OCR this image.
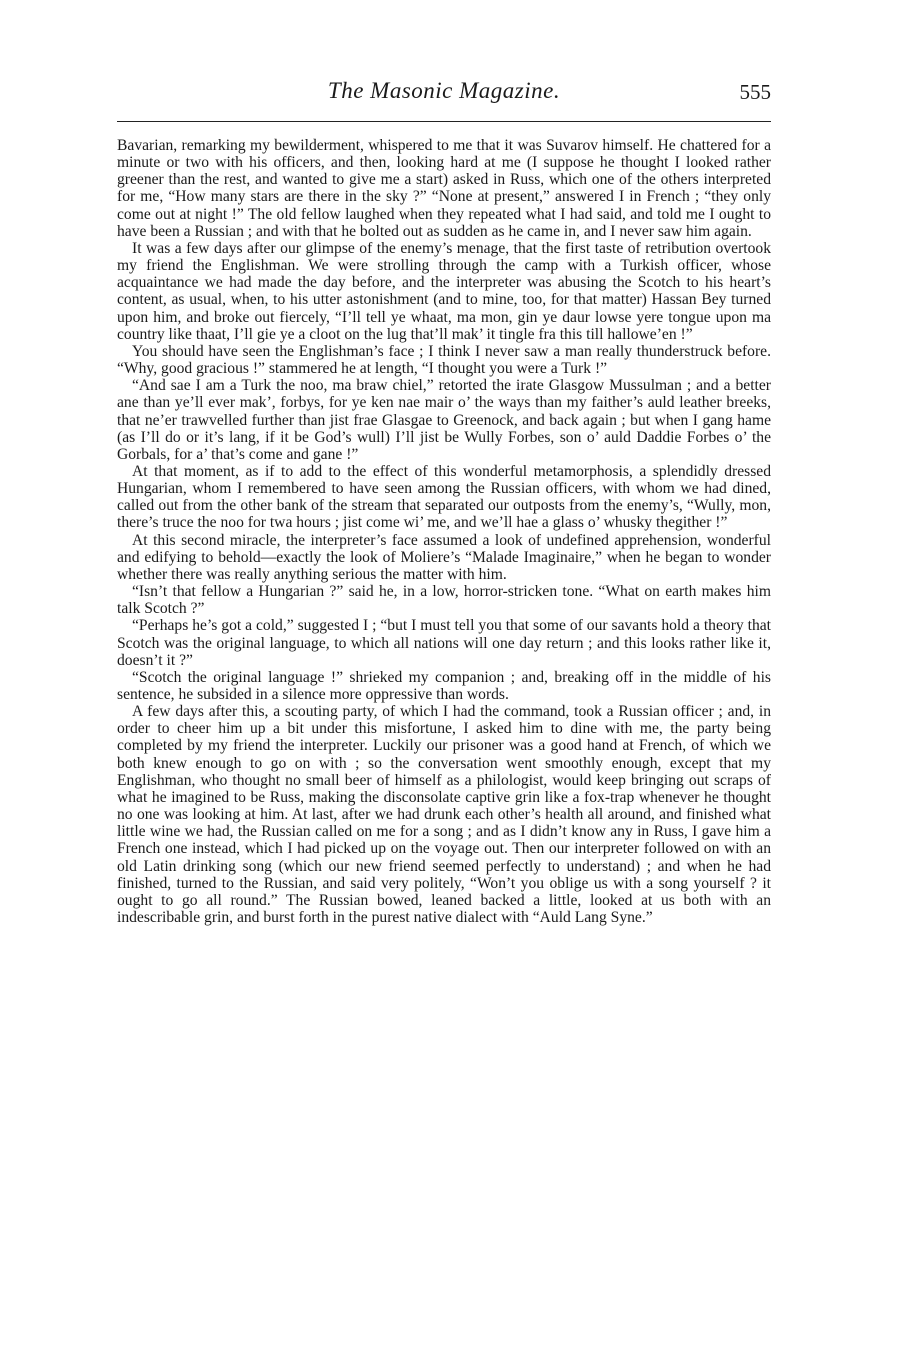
The Masonic Magazine.	555

Bavarian, remarking my bewilderment, whispered to me that it was Suvarov himself. He chattered for a minute or two with his officers, and then, looking hard at me (I suppose he thought I looked rather greener than the rest, and wanted to give me a start) asked in Russ, which one of the others interpreted for me, “How many stars are there in the sky ?” “None at present,” answered I in French ; “they only come out at night !” The old fellow laughed when they repeated what I had said, and told me I ought to have been a Russian ; and with that he bolted out as sudden as he came in, and I never saw him again.

It was a few days after our glimpse of the enemy’s menage, that the first taste of retribution overtook my friend the Englishman. We were strolling through the camp with a Turkish officer, whose acquaintance we had made the day before, and the interpreter was abusing the Scotch to his heart’s content, as usual, when, to his utter astonishment (and to mine, too, for that matter) Hassan Bey turned upon him, and broke out fiercely, “I’ll tell ye whaat, ma mon, gin ye daur lowse yere tongue upon ma country like thaat, I’ll gie ye a cloot on the lug that’ll mak’ it tingle fra this till hallowe’en !”

You should have seen the Englishman’s face ; I think I never saw a man really thunderstruck before. “Why, good gracious !” stammered he at length, “I thought you were a Turk !”

“And sae I am a Turk the noo, ma braw chiel,” retorted the irate Glasgow Mussulman ; and a better ane than ye’ll ever mak’, forbys, for ye ken nae mair o’ the ways than my faither’s auld leather breeks, that ne’er trawvelled further than jist frae Glasgae to Greenock, and back again ; but when I gang hame (as I’ll do or it’s lang, if it be God’s wull) I’ll jist be Wully Forbes, son o’ auld Daddie Forbes o’ the Gorbals, for a’ that’s come and gane !”

At that moment, as if to add to the effect of this wonderful metamorphosis, a splendidly dressed Hungarian, whom I remembered to have seen among the Russian officers, with whom we had dined, called out from the other bank of the stream that separated our outposts from the enemy’s, “Wully, mon, there’s truce the noo for twa hours ; jist come wi’ me, and we’ll hae a glass o’ whusky thegither !”

At this second miracle, the interpreter’s face assumed a look of undefined apprehension, wonderful and edifying to behold—exactly the look of Moliere’s “Malade Imaginaire,” when he began to wonder whether there was really anything serious the matter with him.

“Isn’t that fellow a Hungarian ?” said he, in a low, horror-stricken tone. “What on earth makes him talk Scotch ?”

“Perhaps he’s got a cold,” suggested I ; “but I must tell you that some of our savants hold a theory that Scotch was the original language, to which all nations will one day return ; and this looks rather like it, doesn’t it ?”

“Scotch the original language !” shrieked my companion ; and, breaking off in the middle of his sentence, he subsided in a silence more oppressive than words.

A few days after this, a scouting party, of which I had the command, took a Russian officer ; and, in order to cheer him up a bit under this misfortune, I asked him to dine with me, the party being completed by my friend the interpreter. Luckily our prisoner was a good hand at French, of which we both knew enough to go on with ; so the conversation went smoothly enough, except that my Englishman, who thought no small beer of himself as a philologist, would keep bringing out scraps of what he imagined to be Russ, making the disconsolate captive grin like a fox-trap whenever he thought no one was looking at him. At last, after we had drunk each other’s health all around, and finished what little wine we had, the Russian called on me for a song ; and as I didn’t know any in Russ, I gave him a French one instead, which I had picked up on the voyage out. Then our interpreter followed on with an old Latin drinking song (which our new friend seemed perfectly to understand) ; and when he had finished, turned to the Russian, and said very politely, “Won’t you oblige us with a song yourself ? it ought to go all round.” The Russian bowed, leaned backed a little, looked at us both with an indescribable grin, and burst forth in the purest native dialect with “Auld Lang Syne.”
